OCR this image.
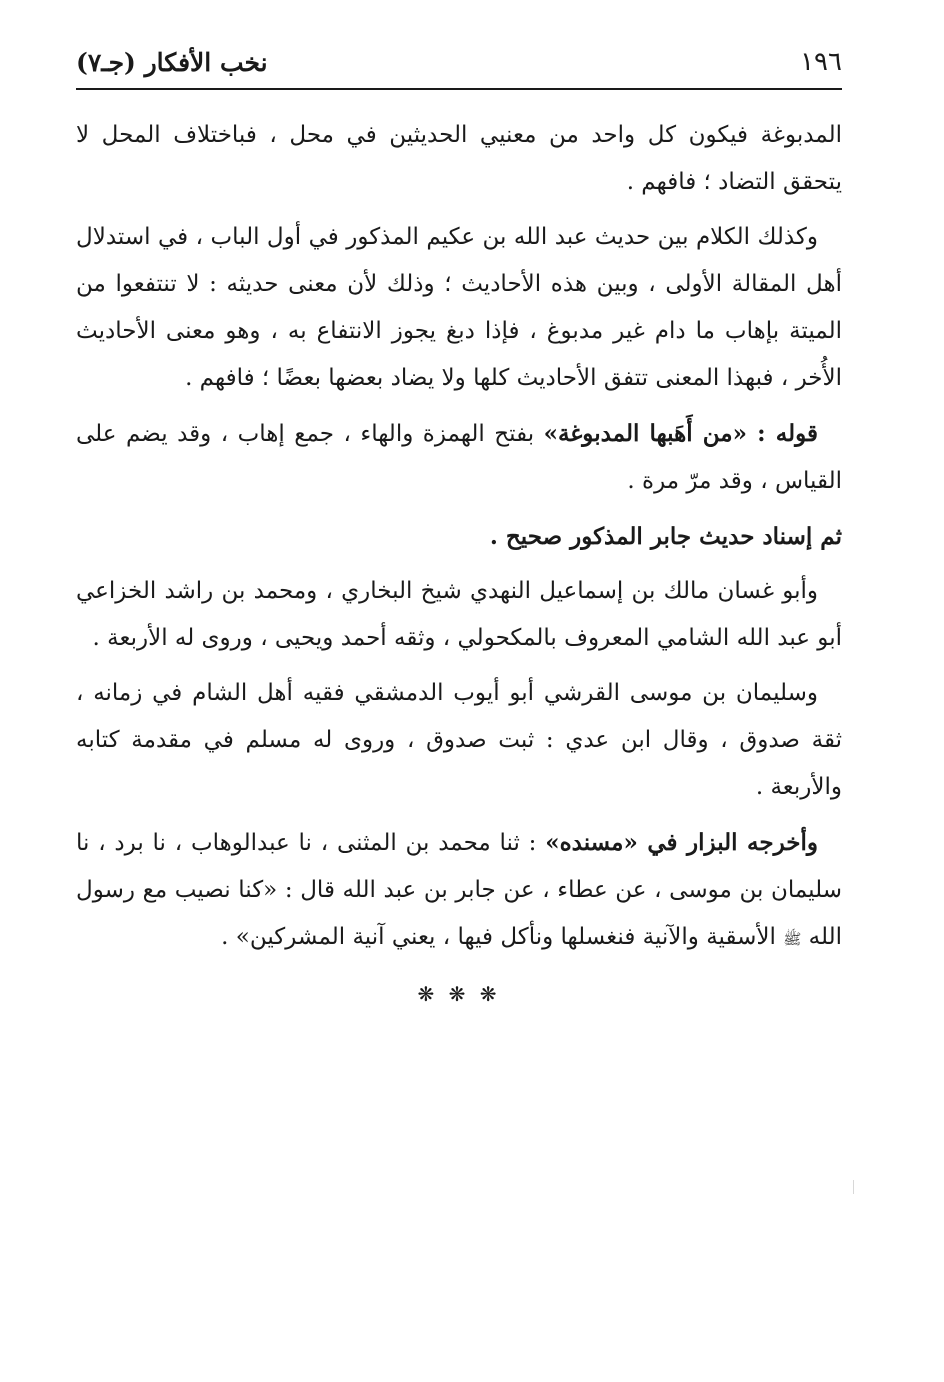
١٩٦
نخب الأفكار (جـ٧)

المدبوغة فيكون كل واحد من معنيي الحديثين في محل ، فباختلاف المحل لا يتحقق التضاد ؛ فافهم .

وكذلك الكلام بين حديث عبد الله بن عكيم المذكور في أول الباب ، في استدلال أهل المقالة الأولى ، وبين هذه الأحاديث ؛ وذلك لأن معنى حديثه : لا تنتفعوا من الميتة بإهاب ما دام غير مدبوغ ، فإذا دبغ يجوز الانتفاع به ، وهو معنى الأحاديث الأُخر ، فبهذا المعنى تتفق الأحاديث كلها ولا يضاد بعضها بعضًا ؛ فافهم .

قوله : «من أَهَبها المدبوغة» بفتح الهمزة والهاء ، جمع إهاب ، وقد يضم على القياس ، وقد مرّ مرة .

ثم إسناد حديث جابر المذكور صحيح .

وأبو غسان مالك بن إسماعيل النهدي شيخ البخاري ، ومحمد بن راشد الخزاعي أبو عبد الله الشامي المعروف بالمكحولي ، وثقه أحمد ويحيى ، وروى له الأربعة .

وسليمان بن موسى القرشي أبو أيوب الدمشقي فقيه أهل الشام في زمانه ، ثقة صدوق ، وقال ابن عدي : ثبت صدوق ، وروى له مسلم في مقدمة كتابه والأربعة .

وأخرجه البزار في «مسنده» : ثنا محمد بن المثنى ، نا عبدالوهاب ، نا برد ، نا سليمان بن موسى ، عن عطاء ، عن جابر بن عبد الله قال : «كنا نصيب مع رسول الله ﷺ الأسقية والآنية فنغسلها ونأكل فيها ، يعني آنية المشركين» .

❋ ❋ ❋
